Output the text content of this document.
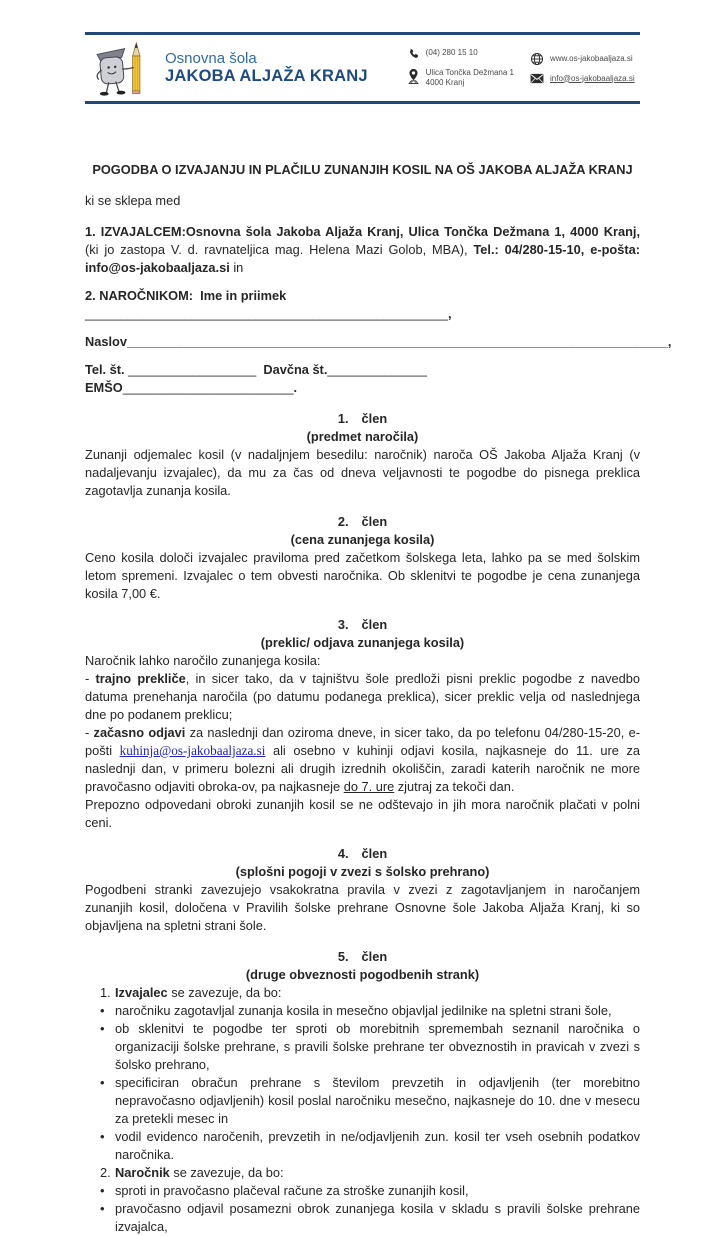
Osnovna šola
JAKOBA ALJAŽA KRANJ
(04) 280 15 10
Ulica Tončka Dežmana 1
4000 Kranj
www.os-jakobaaljaza.si
info@os-jakobaaljaza.si
POGODBA O IZVAJANJU IN PLAČILU ZUNANJIH KOSIL NA OŠ JAKOBA ALJAŽA KRANJ
ki se sklepa med
1. IZVAJALCEM:Osnovna šola Jakoba Aljaža Kranj, Ulica Tončka Dežmana 1, 4000 Kranj, (ki jo zastopa V. d. ravnateljica mag. Helena Mazi Golob, MBA), Tel.: 04/280-15-10, e-pošta: info@os-jakobaaljaza.si in
2. NAROČNIKOM:  Ime in priimek ___________________________________________________,
Naslov____________________________________________________________________________,
Tel. št. __________________  Davčna št.______________ EMŠO________________________.
1. člen
(predmet naročila)
Zunanji odjemalec kosil (v nadaljnjem besedilu: naročnik) naroča OŠ Jakoba Aljaža Kranj (v nadaljevanju izvajalec), da mu za čas od dneva veljavnosti te pogodbe do pisnega preklica zagotavlja zunanja kosila.
2. člen
(cena zunanjega kosila)
Ceno kosila določi izvajalec praviloma pred začetkom šolskega leta, lahko pa se med šolskim letom spremeni. Izvajalec o tem obvesti naročnika. Ob sklenitvi te pogodbe je cena zunanjega kosila 7,00 €.
3. člen
(preklic/ odjava zunanjega kosila)
Naročnik lahko naročilo zunanjega kosila:
- trajno prekliče, in sicer tako, da v tajništvu šole predloži pisni preklic pogodbe z navedbo datuma prenehanja naročila (po datumu podanega preklica), sicer preklic velja od naslednjega dne po podanem preklicu;
- začasno odjavi za naslednji dan oziroma dneve, in sicer tako, da po telefonu 04/280-15-20, e-pošti kuhinja@os-jakobaaljaza.si ali osebno v kuhinji odjavi kosila, najkasneje do 11. ure za naslednji dan, v primeru bolezni ali drugih izrednih okoliščin, zaradi katerih naročnik ne more pravočasno odjaviti obroka-ov, pa najkasneje do 7. ure zjutraj za tekoči dan.
Prepozno odpovedani obroki zunanjih kosil se ne odštevajo in jih mora naročnik plačati v polni ceni.
4. člen
(splošni pogoji v zvezi s šolsko prehrano)
Pogodbeni stranki zavezujejo vsakokratna pravila v zvezi z zagotavljanjem in naročanjem zunanjih kosil, določena v Pravilih šolske prehrane Osnovne šole Jakoba Aljaža Kranj, ki so objavljena na spletni strani šole.
5. člen
(druge obveznosti pogodbenih strank)
1. Izvajalec se zavezuje, da bo:
•
naročniku zagotavljal zunanja kosila in mesečno objavljal jedilnike na spletni strani šole,
•
ob sklenitvi te pogodbe ter sproti ob morebitnih spremembah seznanil naročnika o organizaciji šolske prehrane, s pravili šolske prehrane ter obveznostih in pravicah v zvezi s šolsko prehrano,
•
specificiran obračun prehrane s številom prevzetih in odjavljenih (ter morebitno nepravočasno odjavljenih) kosil poslal naročniku mesečno, najkasneje do 10. dne v mesecu za pretekli mesec in
•
vodil evidenco naročenih, prevzetih in ne/odjavljenih zun. kosil ter vseh osebnih podatkov naročnika.
2. Naročnik se zavezuje, da bo:
•
sproti in pravočasno plačeval račune za stroške zunanjih kosil,
•
pravočasno odjavil posamezni obrok zunanjega kosila v skladu s pravili šolske prehrane izvajalca,
